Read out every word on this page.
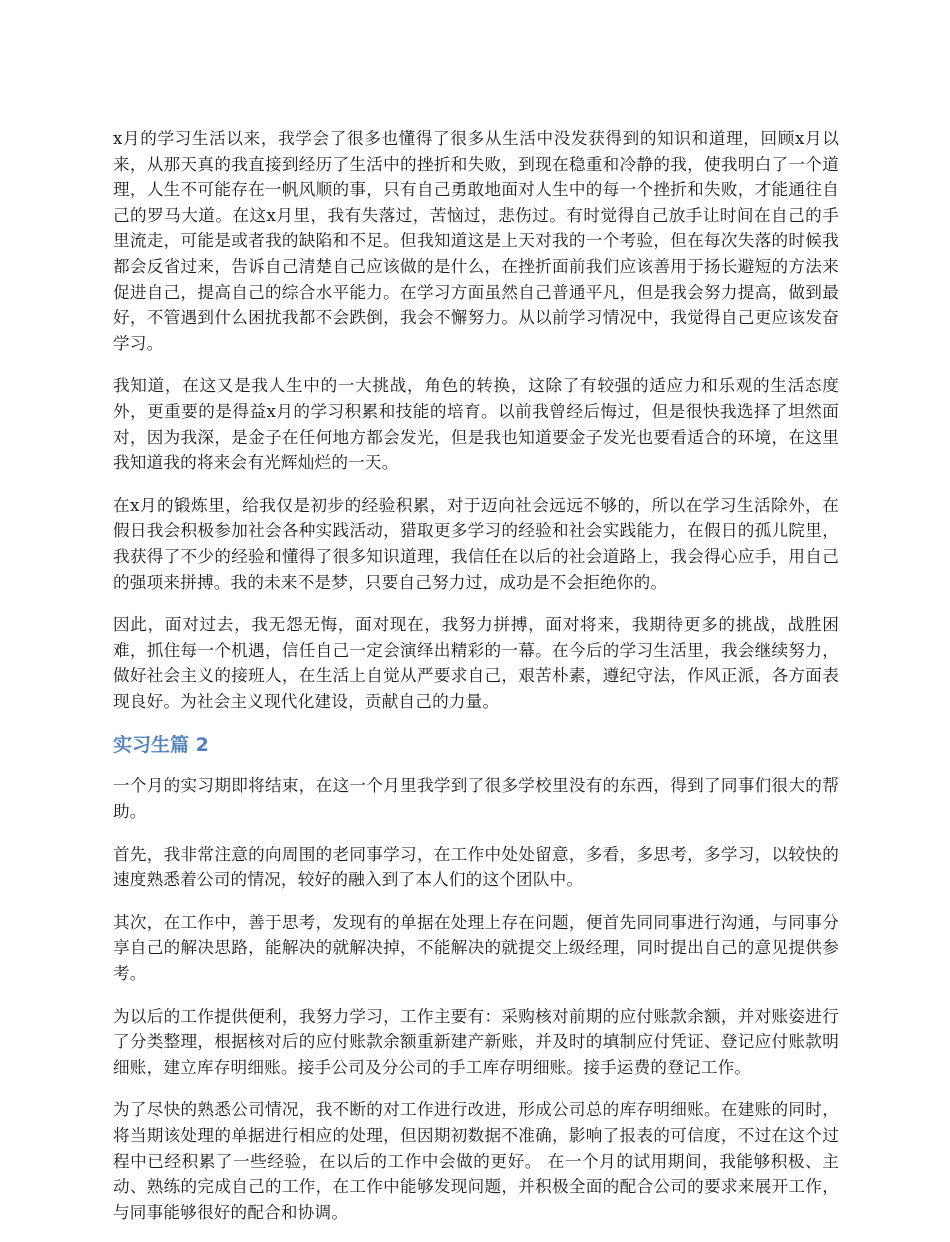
x月的学习生活以来，我学会了很多也懂得了很多从生活中没发获得到的知识和道理，回顾x月以来，从那天真的我直接到经历了生活中的挫折和失败，到现在稳重和冷静的我，使我明白了一个道理，人生不可能存在一帆风顺的事，只有自己勇敢地面对人生中的每一个挫折和失败，才能通往自己的罗马大道。在这x月里，我有失落过，苦恼过，悲伤过。有时觉得自己放手让时间在自己的手里流走，可能是或者我的缺陷和不足。但我知道这是上天对我的一个考验，但在每次失落的时候我都会反省过来，告诉自己清楚自己应该做的是什么，在挫折面前我们应该善用于扬长避短的方法来促进自己，提高自己的综合水平能力。在学习方面虽然自己普通平凡，但是我会努力提高，做到最好，不管遇到什么困扰我都不会跌倒，我会不懈努力。从以前学习情况中，我觉得自己更应该发奋学习。

我知道，在这又是我人生中的一大挑战，角色的转换，这除了有较强的适应力和乐观的生活态度外，更重要的是得益x月的学习积累和技能的培育。以前我曾经后悔过，但是很快我选择了坦然面对，因为我深，是金子在任何地方都会发光，但是我也知道要金子发光也要看适合的环境，在这里我知道我的将来会有光辉灿烂的一天。

在x月的锻炼里，给我仅是初步的经验积累，对于迈向社会远远不够的，所以在学习生活除外，在假日我会积极参加社会各种实践活动，猎取更多学习的经验和社会实践能力，在假日的孤儿院里，我获得了不少的经验和懂得了很多知识道理，我信任在以后的社会道路上，我会得心应手，用自己的强项来拼搏。我的未来不是梦，只要自己努力过，成功是不会拒绝你的。

因此，面对过去，我无怨无悔，面对现在，我努力拼搏，面对将来，我期待更多的挑战，战胜困难，抓住每一个机遇，信任自己一定会演绎出精彩的一幕。在今后的学习生活里，我会继续努力，做好社会主义的接班人，在生活上自觉从严要求自己，艰苦朴素，遵纪守法，作风正派，各方面表现良好。为社会主义现代化建设，贡献自己的力量。

实习生篇 2

一个月的实习期即将结束，在这一个月里我学到了很多学校里没有的东西，得到了同事们很大的帮助。

首先，我非常注意的向周围的老同事学习，在工作中处处留意，多看，多思考，多学习，以较快的速度熟悉着公司的情况，较好的融入到了本人们的这个团队中。

其次，在工作中，善于思考，发现有的单据在处理上存在问题，便首先同同事进行沟通，与同事分享自己的解决思路，能解决的就解决掉，不能解决的就提交上级经理，同时提出自己的意见提供参考。

为以后的工作提供便利，我努力学习，工作主要有：采购核对前期的应付账款余额，并对账姿进行了分类整理，根据核对后的应付账款余额重新建产新账，并及时的填制应付凭证、登记应付账款明细账，建立库存明细账。接手公司及分公司的手工库存明细账。接手运费的登记工作。

为了尽快的熟悉公司情况，我不断的对工作进行改进，形成公司总的库存明细账。在建账的同时，将当期该处理的单据进行相应的处理，但因期初数据不准确，影响了报表的可信度，不过在这个过程中已经积累了一些经验，在以后的工作中会做的更好。 在一个月的试用期间，我能够积极、主动、熟练的完成自己的工作，在工作中能够发现问题，并积极全面的配合公司的要求来展开工作，与同事能够很好的配合和协调。
